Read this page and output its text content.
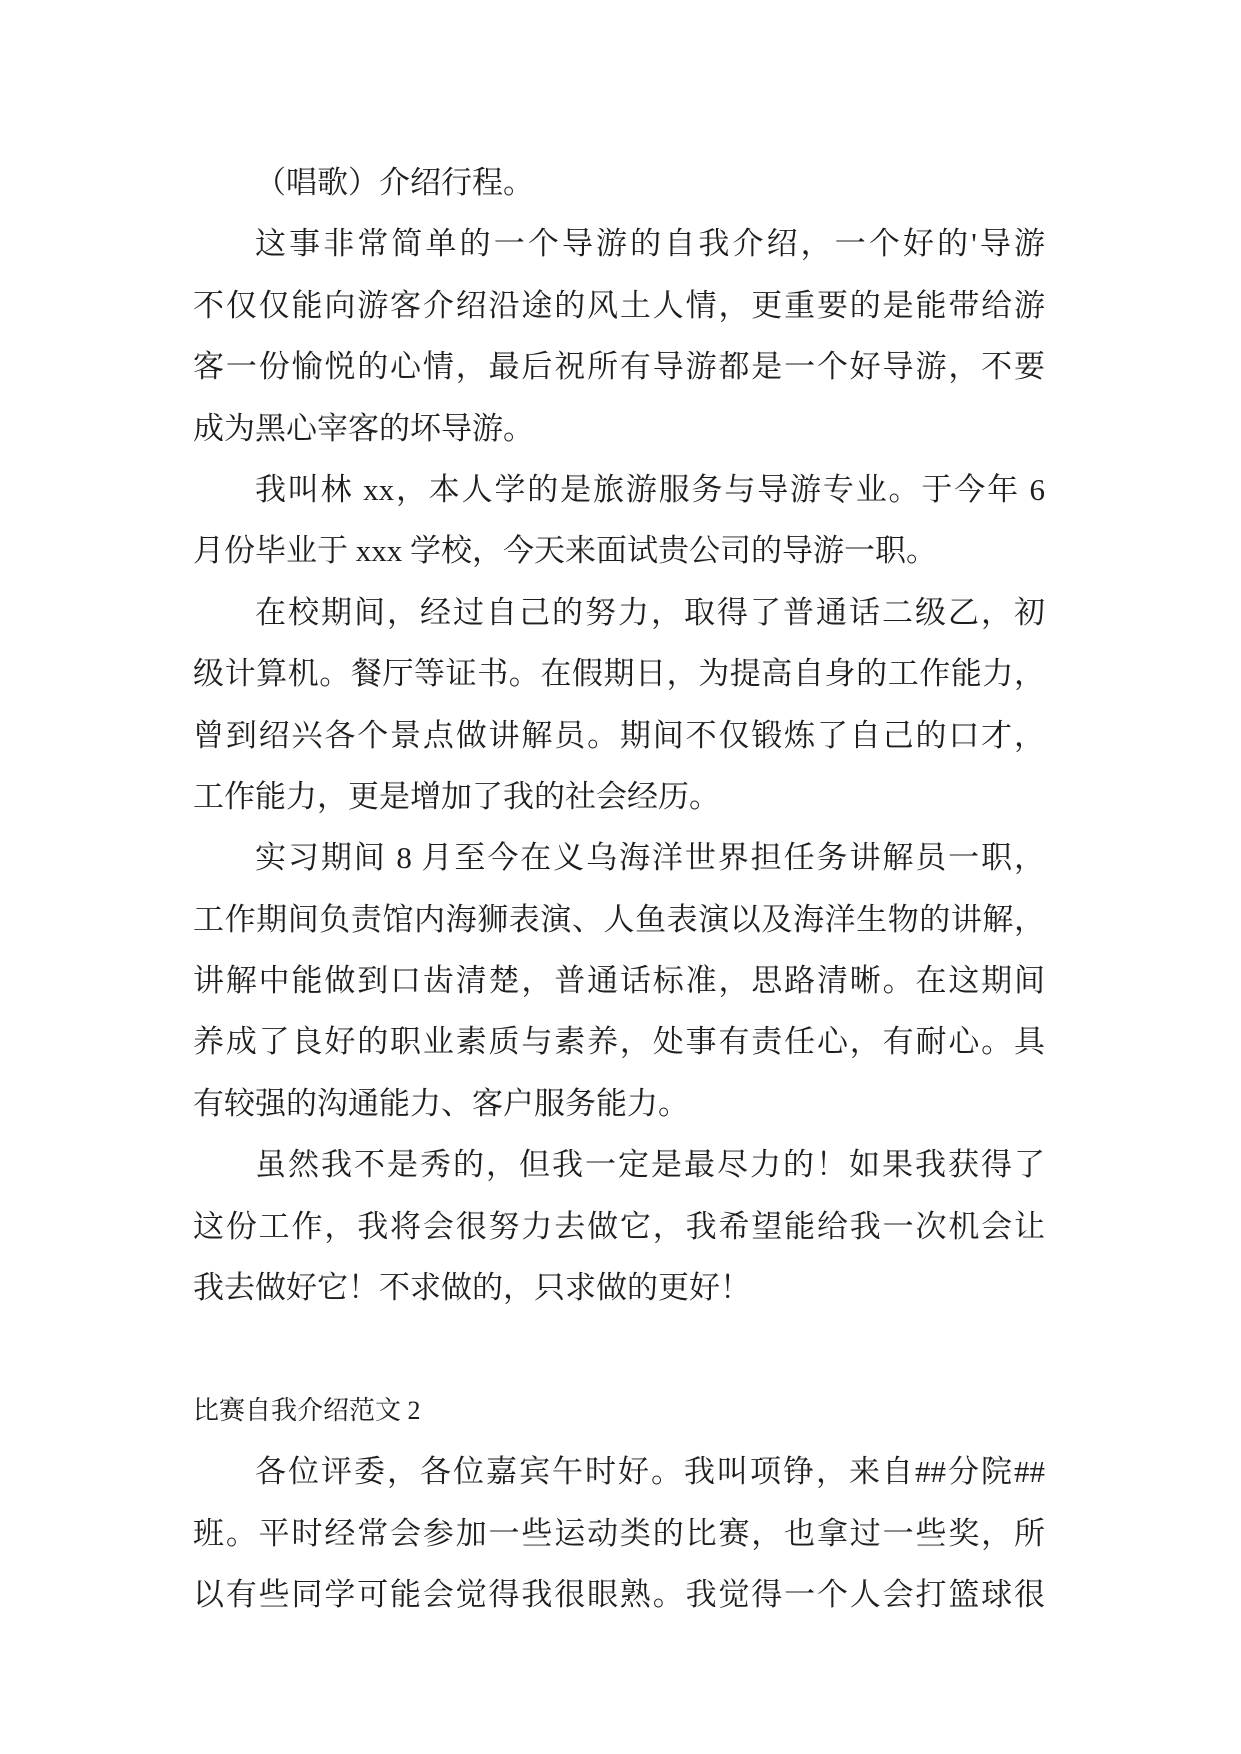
（唱歌）介绍行程。
这事非常简单的一个导游的自我介绍，一个好的'导游
不仅仅能向游客介绍沿途的风土人情，更重要的是能带给游
客一份愉悦的心情，最后祝所有导游都是一个好导游，不要
成为黑心宰客的坏导游。
我叫林 xx，本人学的是旅游服务与导游专业。于今年 6
月份毕业于 xxx 学校，今天来面试贵公司的导游一职。
在校期间，经过自己的努力，取得了普通话二级乙，初
级计算机。餐厅等证书。在假期日，为提高自身的工作能力，
曾到绍兴各个景点做讲解员。期间不仅锻炼了自己的口才，
工作能力，更是增加了我的社会经历。
实习期间 8 月至今在义乌海洋世界担任务讲解员一职，
工作期间负责馆内海狮表演、人鱼表演以及海洋生物的讲解，
讲解中能做到口齿清楚，普通话标准，思路清晰。在这期间
养成了良好的职业素质与素养，处事有责任心，有耐心。具
有较强的沟通能力、客户服务能力。
虽然我不是秀的，但我一定是最尽力的！如果我获得了
这份工作，我将会很努力去做它，我希望能给我一次机会让
我去做好它！不求做的，只求做的更好！
比赛自我介绍范文 2
各位评委，各位嘉宾午时好。我叫项铮，来自##分院##
班。平时经常会参加一些运动类的比赛，也拿过一些奖，所
以有些同学可能会觉得我很眼熟。我觉得一个人会打篮球很
